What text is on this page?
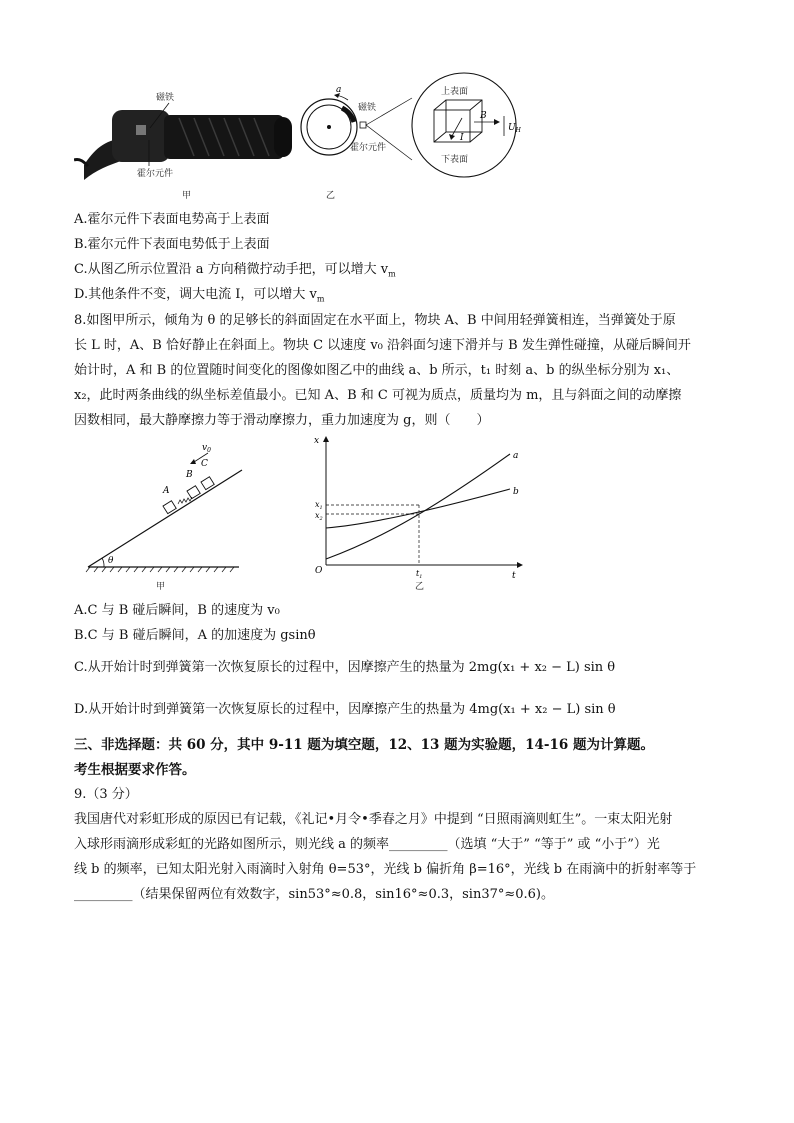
磁铁
霍尔元件
甲
a
磁铁
霍尔元件
乙
上表面
下表面
B
$U_H$
I
A.霍尔元件下表面电势高于上表面
B.霍尔元件下表面电势低于上表面
C.从图乙所示位置沿 a 方向稍微拧动手把，可以增大 $v_m$
D.其他条件不变，调大电流 I，可以增大 $v_m$
8.如图甲所示，倾角为 θ 的足够长的斜面固定在水平面上，物块 A、B 中间用轻弹簧相连，当弹簧处于原
长 L 时，A、B 恰好静止在斜面上。物块 C 以速度 v₀ 沿斜面匀速下滑并与 B 发生弹性碰撞，从碰后瞬间开
始计时，A 和 B 的位置随时间变化的图像如图乙中的曲线 a、b 所示，t₁ 时刻 a、b 的纵坐标分别为 x₁、
x₂，此时两条曲线的纵坐标差值最小。已知 A、B 和 C 可视为质点，质量均为 m，且与斜面之间的动摩擦
因数相同，最大静摩擦力等于滑动摩擦力，重力加速度为 g，则（　　）
$v_0$
A
B
C
θ
甲
x
t
O
a
b
$x_1$
$x_2$
$t_1$
乙
A.C 与 B 碰后瞬间，B 的速度为 v₀
B.C 与 B 碰后瞬间，A 的加速度为 gsinθ
C.从开始计时到弹簧第一次恢复原长的过程中，因摩擦产生的热量为 2mg(x₁ + x₂ − L) sin θ
D.从开始计时到弹簧第一次恢复原长的过程中，因摩擦产生的热量为 4mg(x₁ + x₂ − L) sin θ
三、非选择题：共 60 分，其中 9-11 题为填空题，12、13 题为实验题，14-16 题为计算题。
考生根据要求作答。
9.（3 分）
我国唐代对彩虹形成的原因已有记载，《礼记•月令•季春之月》中提到 “日照雨滴则虹生”。一束太阳光射
入球形雨滴形成彩虹的光路如图所示，则光线 a 的频率_________（选填 “大于” “等于” 或 “小于”）光
线 b 的频率，已知太阳光射入雨滴时入射角 θ=53°，光线 b 偏折角 β=16°，光线 b 在雨滴中的折射率等于
_________（结果保留两位有效数字，sin53°≈0.8，sin16°≈0.3，sin37°≈0.6)。
